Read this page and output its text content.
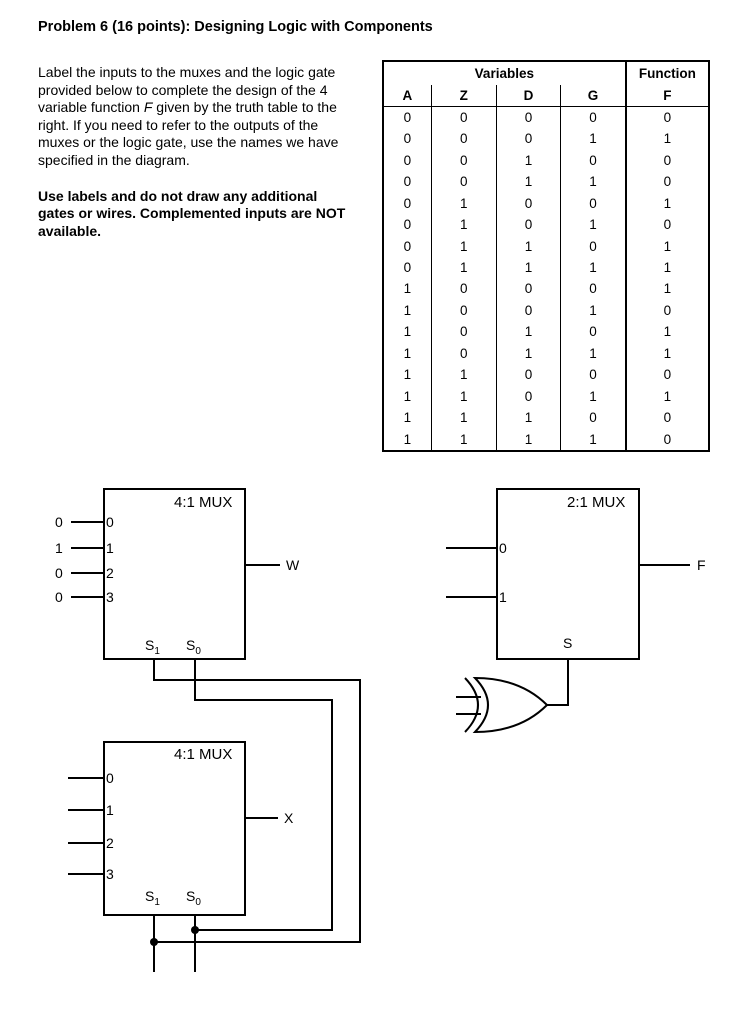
Problem 6 (16 points): Designing Logic with Components

Label the inputs to the muxes and the logic gate provided below to complete the design of the 4 variable function F given by the truth table to the right. If you need to refer to the outputs of the muxes or the logic gate, use the names we have specified in the diagram.

Use labels and do not draw any additional gates or wires. Complemented inputs are NOT available.

Variables				Function
A	Z	D	G	F
0	0	0	0	0
0	0	0	1	1
0	0	1	0	0
0	0	1	1	0
0	1	0	0	1
0	1	0	1	0
0	1	1	0	1
0	1	1	1	1
1	0	0	0	1
1	0	0	1	0
1	0	1	0	1
1	0	1	1	1
1	1	0	0	0
1	1	0	1	1
1	1	1	0	0
1	1	1	1	0
4:1 MUX
0
1
2
3
0
1
0
0
$S_1$ $S_0$
W
4:1 MUX
0
1
2
3
$S_1$ $S_0$
X
2:1 MUX
0
1
S
F
